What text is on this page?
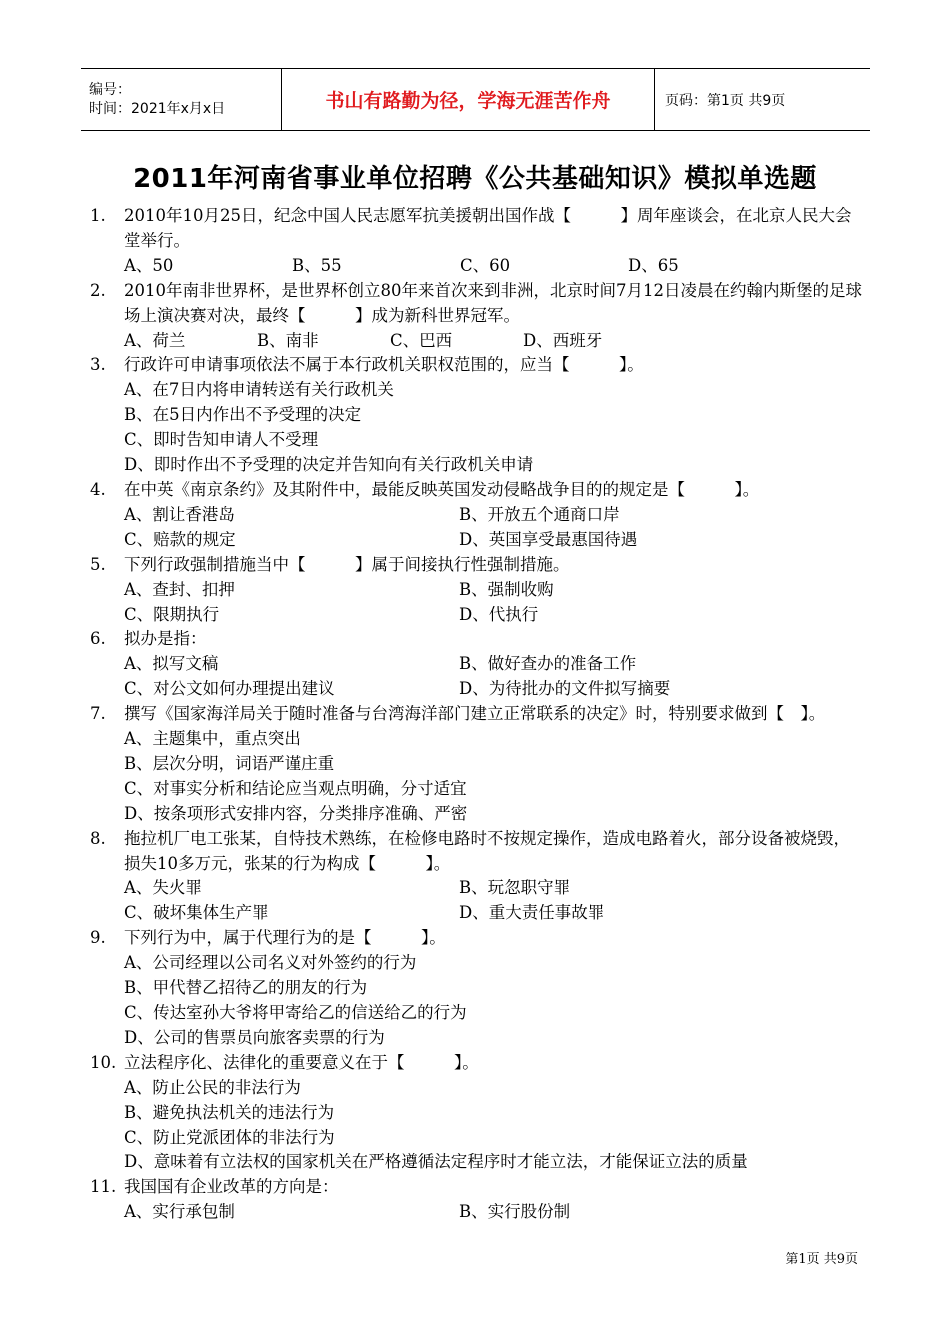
编号：
时间：2021年x月x日	书山有路勤为径，学海无涯苦作舟	页码：第1页 共9页
2011年河南省事业单位招聘《公共基础知识》模拟单选题
1.	2010年10月25日，纪念中国人民志愿军抗美援朝出国作战【　　　】周年座谈会，在北京人民大会堂举行。
A、50	B、55	C、60	D、65
2.	2010年南非世界杯，是世界杯创立80年来首次来到非洲，北京时间7月12日凌晨在约翰内斯堡的足球场上演决赛对决，最终【　　　】成为新科世界冠军。
A、荷兰	B、南非	C、巴西	D、西班牙
3.	行政许可申请事项依法不属于本行政机关职权范围的，应当【　　　】。
A、在7日内将申请转送有关行政机关
B、在5日内作出不予受理的决定
C、即时告知申请人不受理
D、即时作出不予受理的决定并告知向有关行政机关申请
4.	在中英《南京条约》及其附件中，最能反映英国发动侵略战争目的的规定是【　　　】。
A、割让香港岛	B、开放五个通商口岸
C、赔款的规定	D、英国享受最惠国待遇
5.	下列行政强制措施当中【　　　】属于间接执行性强制措施。
A、查封、扣押	B、强制收购
C、限期执行	D、代执行
6.	拟办是指：
A、拟写文稿	B、做好查办的准备工作
C、对公文如何办理提出建议	D、为待批办的文件拟写摘要
7.	撰写《国家海洋局关于随时准备与台湾海洋部门建立正常联系的决定》时，特别要求做到【　】。
A、主题集中，重点突出
B、层次分明，词语严谨庄重
C、对事实分析和结论应当观点明确，分寸适宜
D、按条项形式安排内容，分类排序准确、严密
8.	拖拉机厂电工张某，自恃技术熟练，在检修电路时不按规定操作，造成电路着火，部分设备被烧毁，损失10多万元，张某的行为构成【　　　】。
A、失火罪	B、玩忽职守罪
C、破坏集体生产罪	D、重大责任事故罪
9.	下列行为中，属于代理行为的是【　　　】。
A、公司经理以公司名义对外签约的行为
B、甲代替乙招待乙的朋友的行为
C、传达室孙大爷将甲寄给乙的信送给乙的行为
D、公司的售票员向旅客卖票的行为
10. 立法程序化、法律化的重要意义在于【　　　】。
A、防止公民的非法行为
B、避免执法机关的违法行为
C、防止党派团体的非法行为
D、意味着有立法权的国家机关在严格遵循法定程序时才能立法，才能保证立法的质量
11. 我国国有企业改革的方向是：
A、实行承包制	B、实行股份制
第1页 共9页
